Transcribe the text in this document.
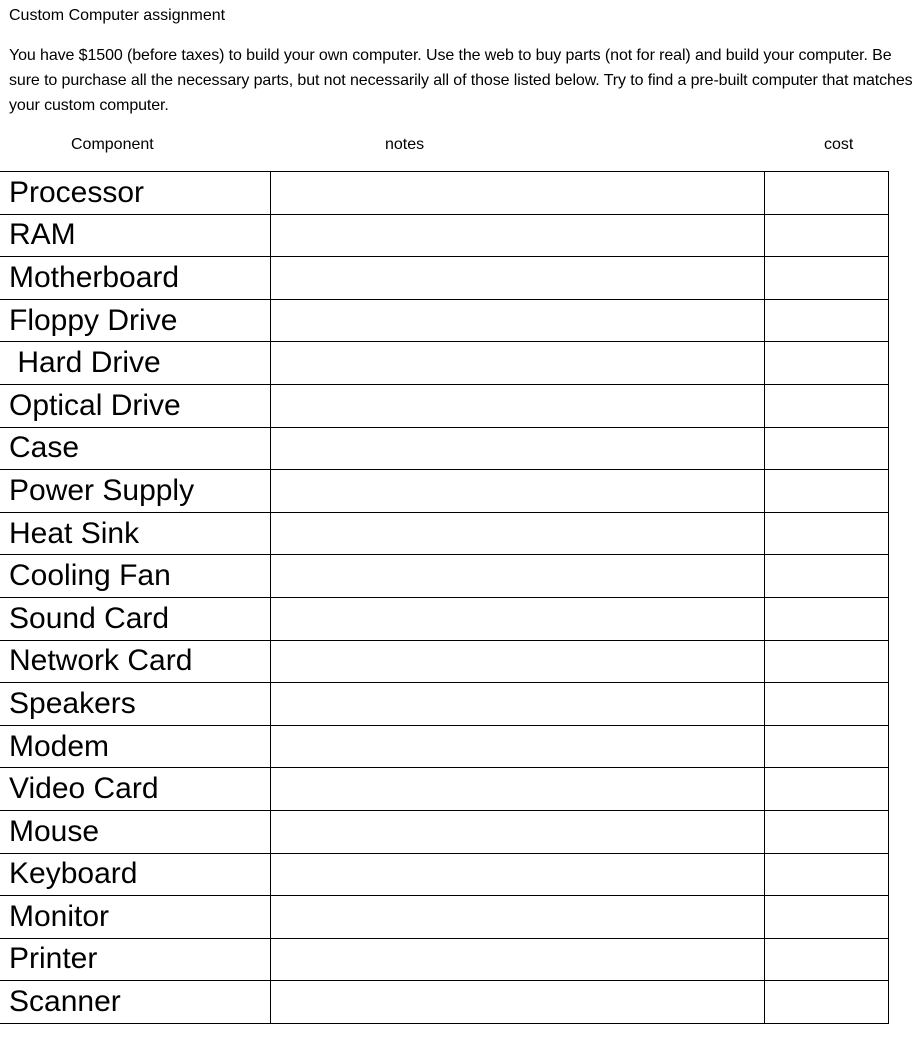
Custom Computer assignment
You have $1500 (before taxes) to build your own computer. Use the web to buy parts (not for real) and build your computer. Be sure to purchase all the necessary parts, but not necessarily all of those listed below. Try to find a pre-built computer that matches your custom computer.
Component	notes	cost
Processor		
RAM		
Motherboard		
Floppy Drive		
Hard Drive		
Optical Drive		
Case		
Power Supply		
Heat Sink		
Cooling Fan		
Sound Card		
Network Card		
Speakers		
Modem		
Video Card		
Mouse		
Keyboard		
Monitor		
Printer		
Scanner		
